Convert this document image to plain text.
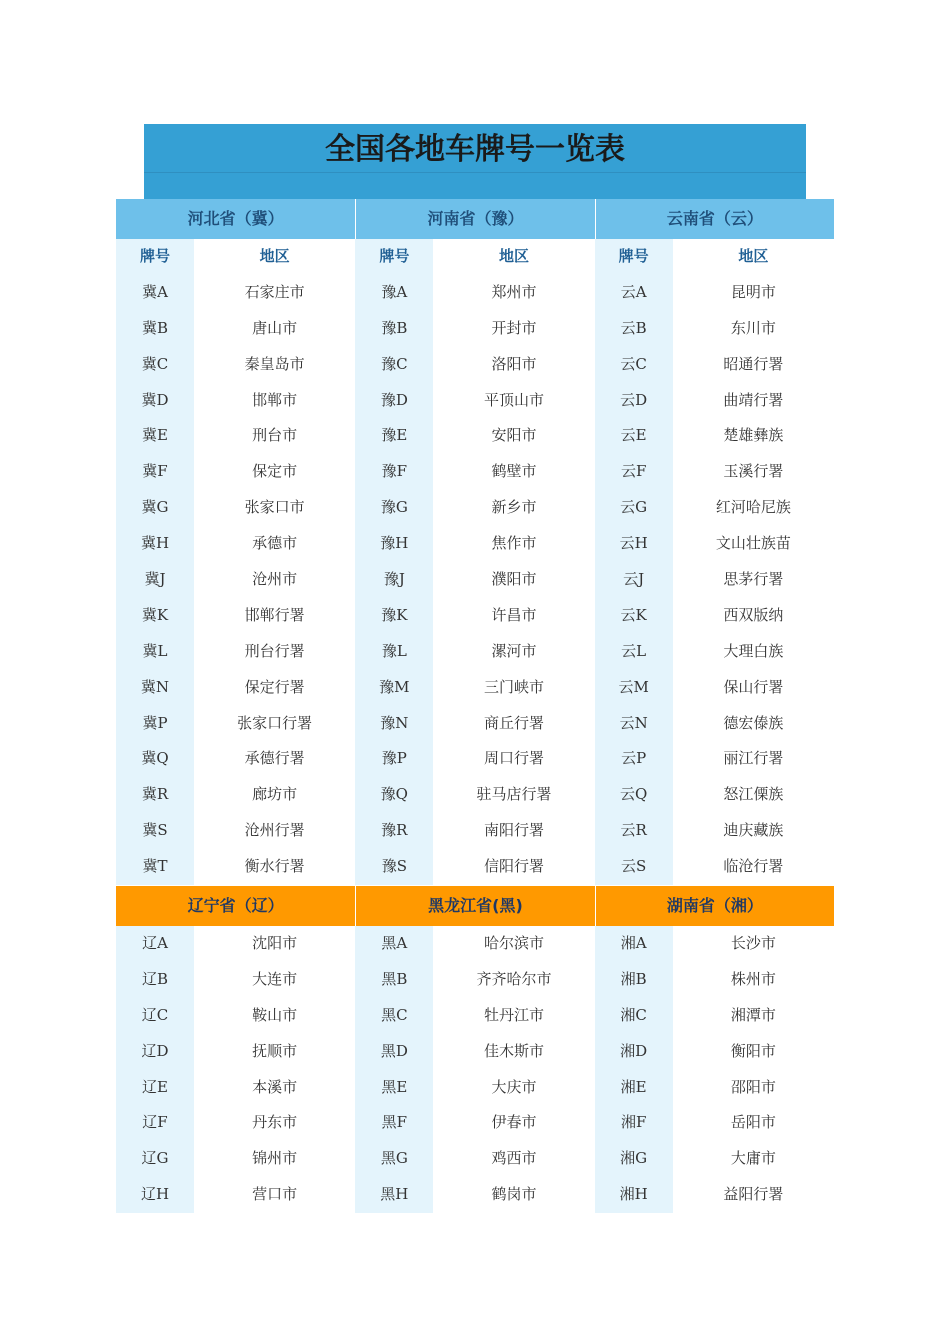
全国各地车牌号一览表
河北省（冀）	河南省（豫）	云南省（云）
牌号	地区	牌号	地区	牌号	地区
冀A	石家庄市	豫A	郑州市	云A	昆明市
冀B	唐山市	豫B	开封市	云B	东川市
冀C	秦皇岛市	豫C	洛阳市	云C	昭通行署
冀D	邯郸市	豫D	平顶山市	云D	曲靖行署
冀E	刑台市	豫E	安阳市	云E	楚雄彝族
冀F	保定市	豫F	鹤壁市	云F	玉溪行署
冀G	张家口市	豫G	新乡市	云G	红河哈尼族
冀H	承德市	豫H	焦作市	云H	文山壮族苗
冀J	沧州市	豫J	濮阳市	云J	思茅行署
冀K	邯郸行署	豫K	许昌市	云K	西双版纳
冀L	刑台行署	豫L	漯河市	云L	大理白族
冀N	保定行署	豫M	三门峡市	云M	保山行署
冀P	张家口行署	豫N	商丘行署	云N	德宏傣族
冀Q	承德行署	豫P	周口行署	云P	丽江行署
冀R	廊坊市	豫Q	驻马店行署	云Q	怒江傈族
冀S	沧州行署	豫R	南阳行署	云R	迪庆藏族
冀T	衡水行署	豫S	信阳行署	云S	临沧行署
辽宁省（辽）	黑龙江省(黑)	湖南省（湘）
辽A	沈阳市	黑A	哈尔滨市	湘A	长沙市
辽B	大连市	黑B	齐齐哈尔市	湘B	株州市
辽C	鞍山市	黑C	牡丹江市	湘C	湘潭市
辽D	抚顺市	黑D	佳木斯市	湘D	衡阳市
辽E	本溪市	黑E	大庆市	湘E	邵阳市
辽F	丹东市	黑F	伊春市	湘F	岳阳市
辽G	锦州市	黑G	鸡西市	湘G	大庸市
辽H	营口市	黑H	鹤岗市	湘H	益阳行署
